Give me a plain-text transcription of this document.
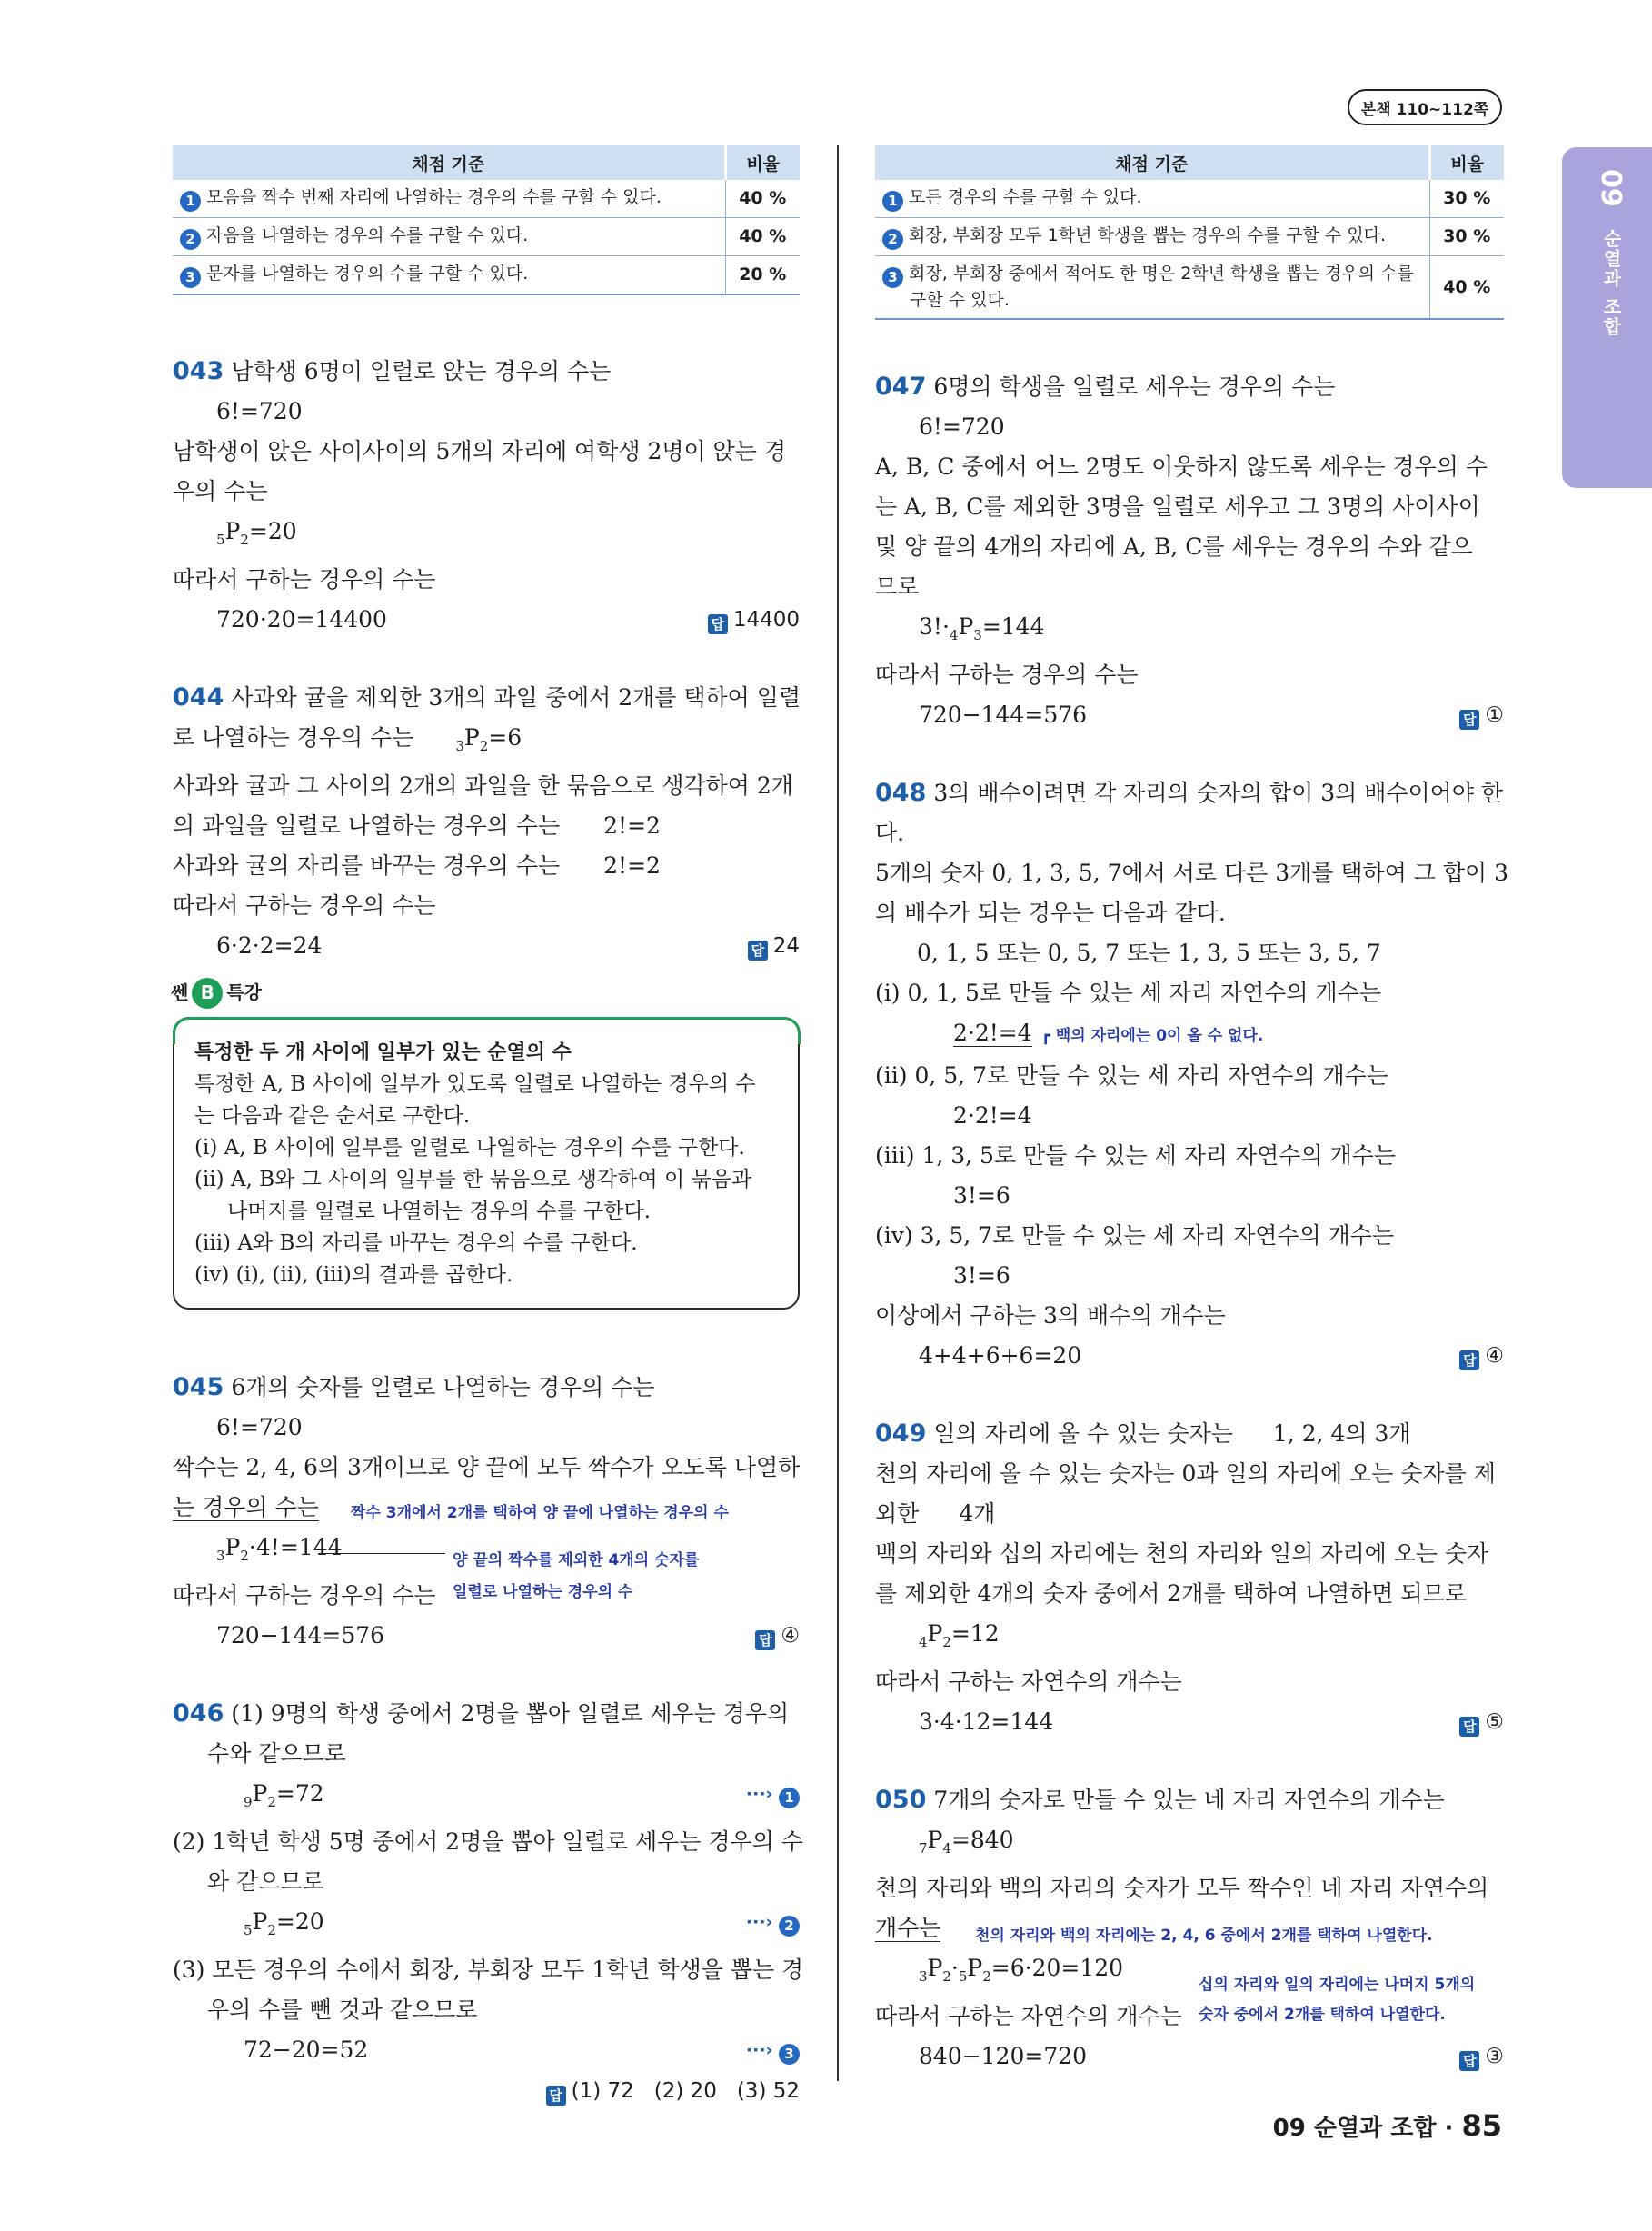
본책 110~112쪽
09
순열과 조합
채점 기준	비율
1 모음을 짝수 번째 자리에 나열하는 경우의 수를 구할 수 있다.	40 %
2 자음을 나열하는 경우의 수를 구할 수 있다.	40 %
3 문자를 나열하는 경우의 수를 구할 수 있다.	20 %
043 남학생 6명이 일렬로 앉는 경우의 수는
6!=720
남학생이 앉은 사이사이의 5개의 자리에 여학생 2명이 앉는 경
우의 수는
$_5P_2=20$
따라서 구하는 경우의 수는
720·20=14400	답 14400
044 사과와 귤을 제외한 3개의 과일 중에서 2개를 택하여 일렬
로 나열하는 경우의 수는	$_3P_2=6$
사과와 귤과 그 사이의 2개의 과일을 한 묶음으로 생각하여 2개
의 과일을 일렬로 나열하는 경우의 수는 2!=2
사과와 귤의 자리를 바꾸는 경우의 수는 2!=2
따라서 구하는 경우의 수는
6·2·2=24	답 24
쎈 B 특강
특정한 두 개 사이에 일부가 있는 순열의 수
특정한 A, B 사이에 일부가 있도록 일렬로 나열하는 경우의 수
는 다음과 같은 순서로 구한다.
(ⅰ) A, B 사이에 일부를 일렬로 나열하는 경우의 수를 구한다.
(ⅱ) A, B와 그 사이의 일부를 한 묶음으로 생각하여 이 묶음과
나머지를 일렬로 나열하는 경우의 수를 구한다.
(ⅲ) A와 B의 자리를 바꾸는 경우의 수를 구한다.
(ⅳ) (ⅰ), (ⅱ), (ⅲ)의 결과를 곱한다.
045 6개의 숫자를 일렬로 나열하는 경우의 수는
6!=720
짝수는 2, 4, 6의 3개이므로 양 끝에 모두 짝수가 오도록 나열하
는 경우의 수는 짝수 3개에서 2개를 택하여 양 끝에 나열하는 경우의 수
$_3P_2\cdot 4!=144$	양 끝의 짝수를 제외한 4개의 숫자를
따라서 구하는 경우의 수는 일렬로 나열하는 경우의 수
720−144=576	답 ④
046 (1) 9명의 학생 중에서 2명을 뽑아 일렬로 세우는 경우의
수와 같으므로
$_9P_2=72$	···› 1
(2) 1학년 학생 5명 중에서 2명을 뽑아 일렬로 세우는 경우의 수
와 같으므로
$_5P_2=20$	···› 2
(3) 모든 경우의 수에서 회장, 부회장 모두 1학년 학생을 뽑는 경
우의 수를 뺀 것과 같으므로
72−20=52	···› 3
답 (1) 72   (2) 20   (3) 52
채점 기준	비율
1 모든 경우의 수를 구할 수 있다.	30 %
2 회장, 부회장 모두 1학년 학생을 뽑는 경우의 수를 구할 수 있다.	30 %
3 회장, 부회장 중에서 적어도 한 명은 2학년 학생을 뽑는 경우의 수를 구할 수 있다.	40 %
047 6명의 학생을 일렬로 세우는 경우의 수는
6!=720
A, B, C 중에서 어느 2명도 이웃하지 않도록 세우는 경우의 수
는 A, B, C를 제외한 3명을 일렬로 세우고 그 3명의 사이사이
및 양 끝의 4개의 자리에 A, B, C를 세우는 경우의 수와 같으
므로
$3!\cdot_4P_3=144$
따라서 구하는 경우의 수는
720−144=576	답 ①
048 3의 배수이려면 각 자리의 숫자의 합이 3의 배수이어야 한
다.
5개의 숫자 0, 1, 3, 5, 7에서 서로 다른 3개를 택하여 그 합이 3
의 배수가 되는 경우는 다음과 같다.
0, 1, 5 또는 0, 5, 7 또는 1, 3, 5 또는 3, 5, 7
(ⅰ) 0, 1, 5로 만들 수 있는 세 자리 자연수의 개수는
2·2!=4 ┏ 백의 자리에는 0이 올 수 없다.
(ⅱ) 0, 5, 7로 만들 수 있는 세 자리 자연수의 개수는
2·2!=4
(ⅲ) 1, 3, 5로 만들 수 있는 세 자리 자연수의 개수는
3!=6
(ⅳ) 3, 5, 7로 만들 수 있는 세 자리 자연수의 개수는
3!=6
이상에서 구하는 3의 배수의 개수는
4+4+6+6=20	답 ④
049 일의 자리에 올 수 있는 숫자는 1, 2, 4의 3개
천의 자리에 올 수 있는 숫자는 0과 일의 자리에 오는 숫자를 제
외한 4개
백의 자리와 십의 자리에는 천의 자리와 일의 자리에 오는 숫자
를 제외한 4개의 숫자 중에서 2개를 택하여 나열하면 되므로
$_4P_2=12$
따라서 구하는 자연수의 개수는
3·4·12=144	답 ⑤
050 7개의 숫자로 만들 수 있는 네 자리 자연수의 개수는
$_7P_4=840$
천의 자리와 백의 자리의 숫자가 모두 짝수인 네 자리 자연수의
개수는 천의 자리와 백의 자리에는 2, 4, 6 중에서 2개를 택하여 나열한다.
$_3P_2\cdot_5P_2=6\cdot 20=120$
십의 자리와 일의 자리에는 나머지 5개의
따라서 구하는 자연수의 개수는 숫자 중에서 2개를 택하여 나열한다.
840−120=720	답 ③
09 순열과 조합 · 85
